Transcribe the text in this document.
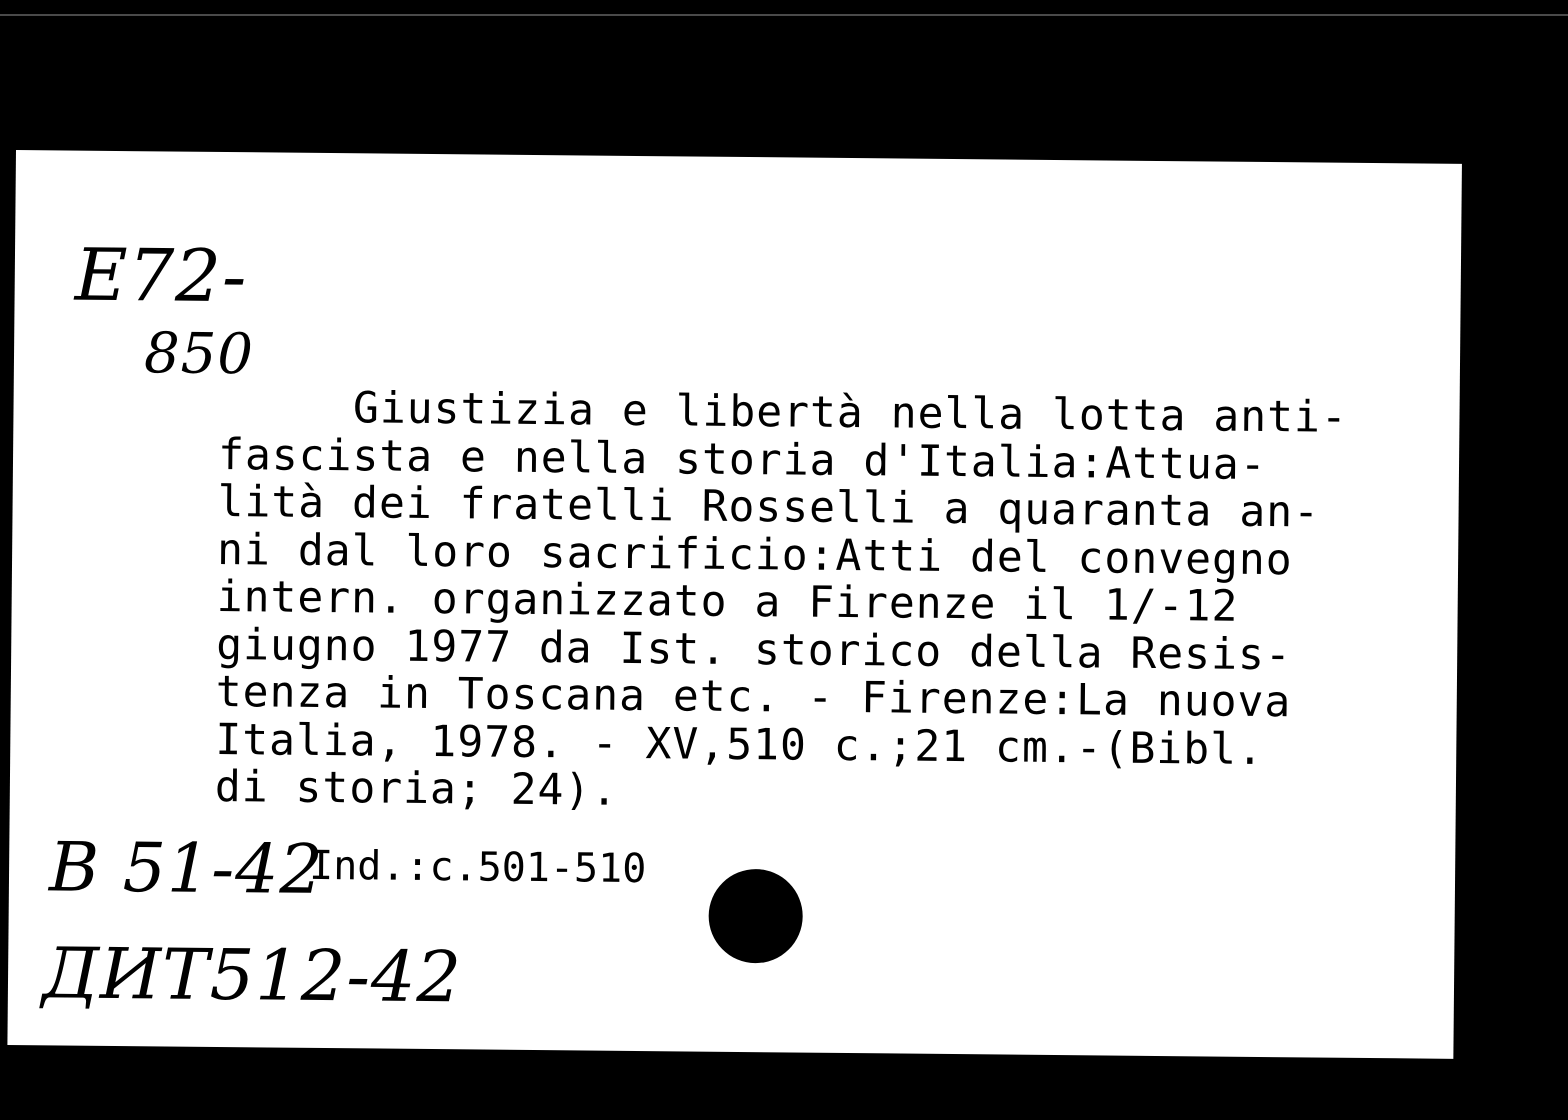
E72-
850
Giustizia e libertà nella lotta anti-
fascista e nella storia d'Italia:Attua-
lità dei fratelli Rosselli a quaranta an-
ni dal loro sacrificio:Atti del convegno
intern. organizzato a Firenze il 1/-12
giugno 1977 da Ist. storico della Resis-
tenza in Toscana etc. - Firenze:La nuova
Italia, 1978. - XV,510 c.;21 cm.-(Bibl.
di storia; 24).
Ind.:c.501-510
B 51-42
ДИТ512-42
